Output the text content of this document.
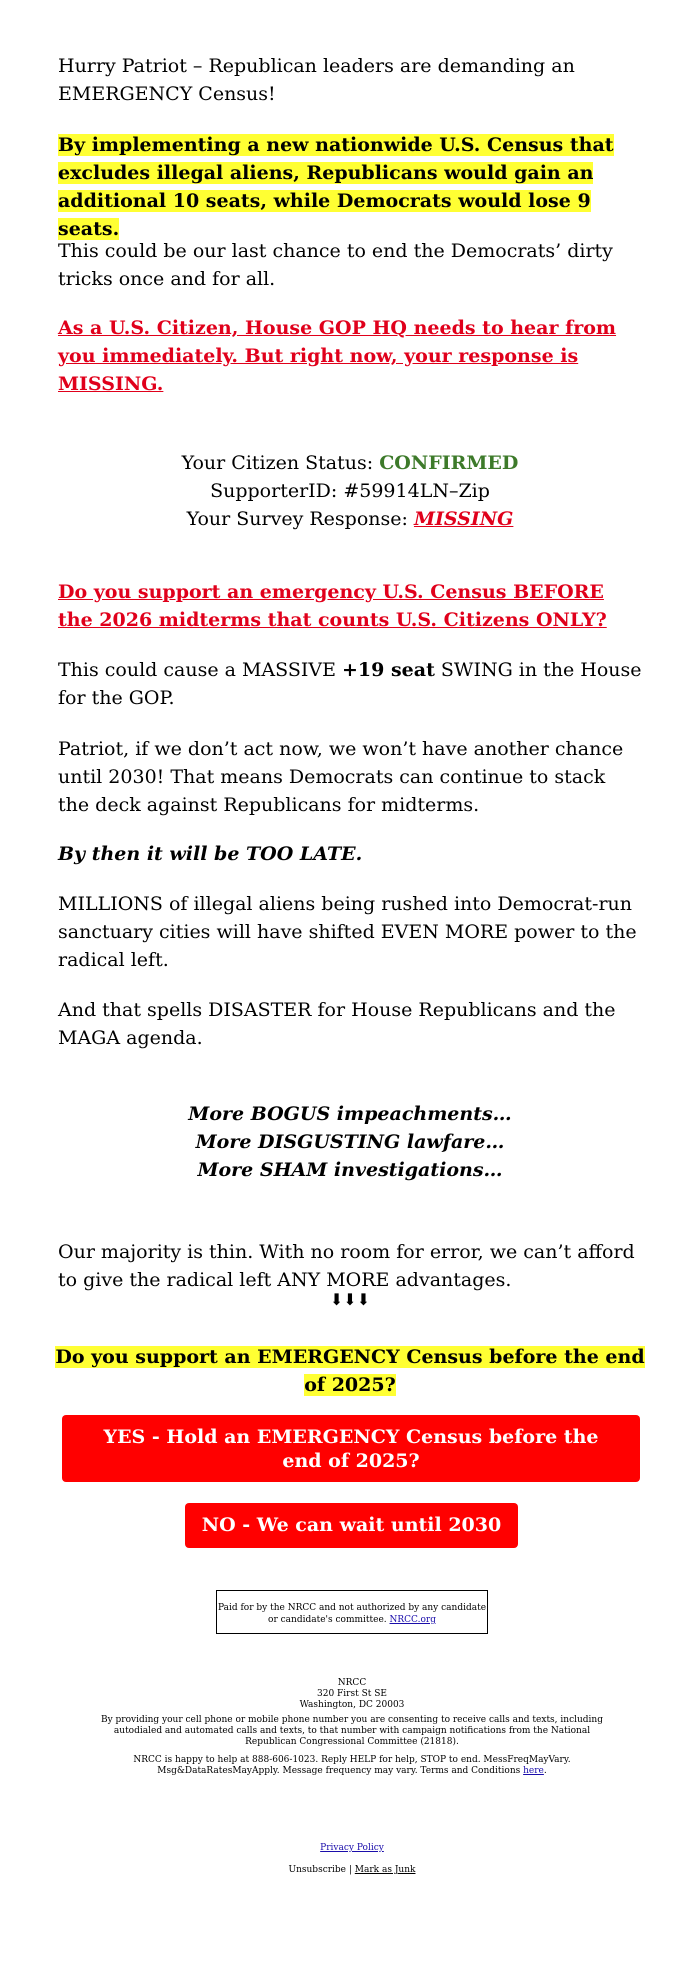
Hurry Patriot – Republican leaders are demanding an EMERGENCY Census!

By implementing a new nationwide U.S. Census that excludes illegal aliens, Republicans would gain an additional 10 seats, while Democrats would lose 9 seats.

This could be our last chance to end the Democrats’ dirty tricks once and for all.

As a U.S. Citizen, House GOP HQ needs to hear from you immediately. But right now, your response is MISSING.

Your Citizen Status: CONFIRMED

SupporterID: #59914LN–Zip

Your Survey Response: MISSING

Do you support an emergency U.S. Census BEFORE the 2026 midterms that counts U.S. Citizens ONLY?

This could cause a MASSIVE +19 seat SWING in the House for the GOP.

Patriot, if we don’t act now, we won’t have another chance until 2030! That means Democrats can continue to stack the deck against Republicans for midterms.

By then it will be TOO LATE.

MILLIONS of illegal aliens being rushed into Democrat-run sanctuary cities will have shifted EVEN MORE power to the radical left.

And that spells DISASTER for House Republicans and the MAGA agenda.

More BOGUS impeachments…
More DISGUSTING lawfare…
More SHAM investigations…

Our majority is thin. With no room for error, we can’t afford to give the radical left ANY MORE advantages.

⬇⬇⬇

Do you support an EMERGENCY Census before the end of 2025?

YES - Hold an EMERGENCY Census before the end of 2025?
NO - We can wait until 2030
Paid for by the NRCC and not authorized by any candidate or candidate's committee. NRCC.org

NRCC

320 First St SE

Washington, DC 20003

By providing your cell phone or mobile phone number you are consenting to receive calls and texts, including autodialed and automated calls and texts, to that number with campaign notifications from the National Republican Congressional Committee (21818).

NRCC is happy to help at 888-606-1023. Reply HELP for help, STOP to end. MessFreqMayVary. Msg&DataRatesMayApply. Message frequency may vary. Terms and Conditions here.

Privacy Policy

Unsubscribe | Mark as Junk
